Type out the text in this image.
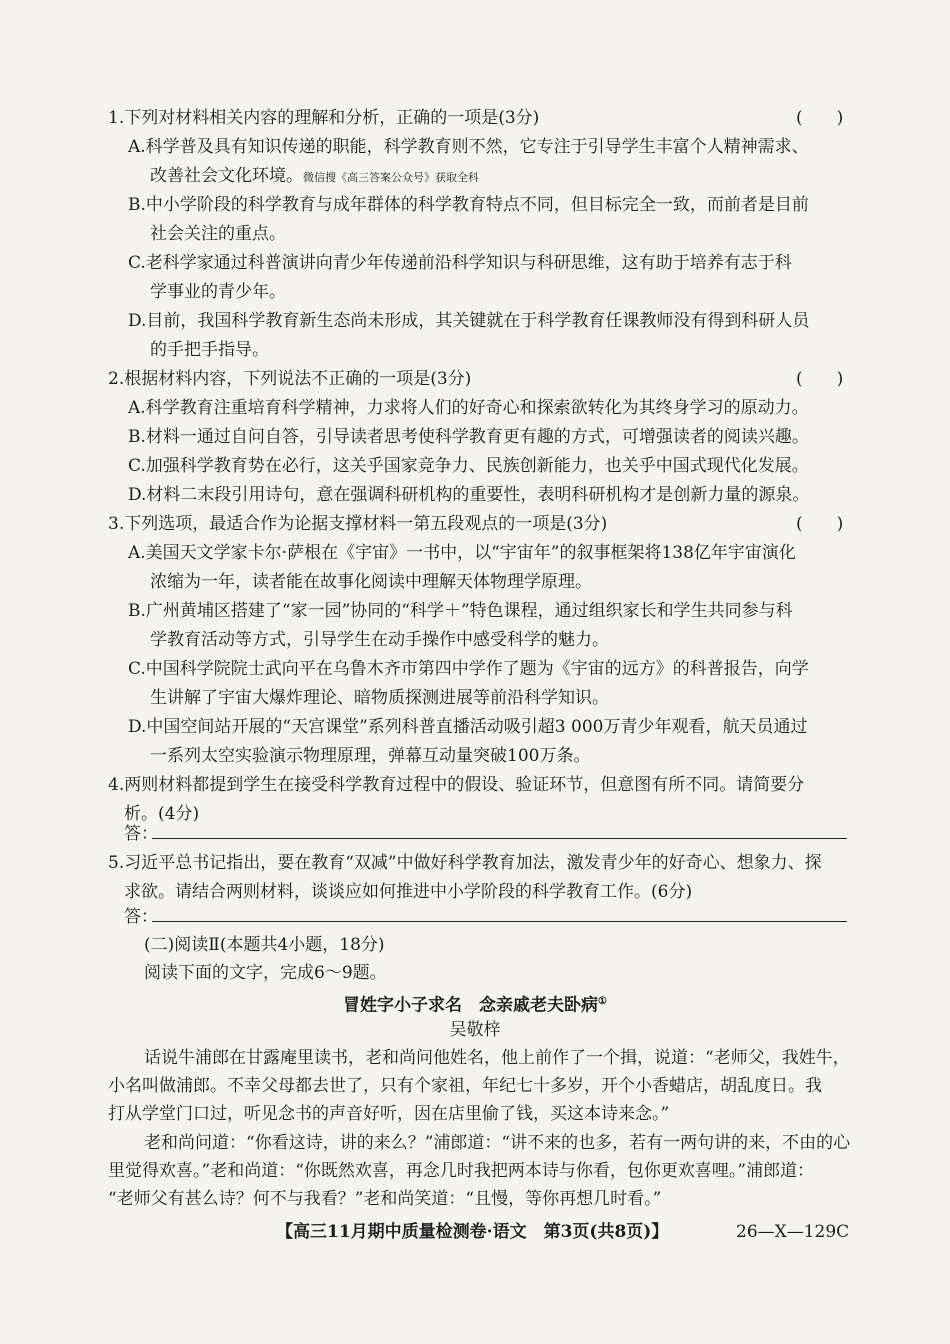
1.下列对材料相关内容的理解和分析，正确的一项是(3分)	(　　)
A.科学普及具有知识传递的职能，科学教育则不然，它专注于引导学生丰富个人精神需求、
改善社会文化环境。微信搜《高三答案公众号》获取全科
B.中小学阶段的科学教育与成年群体的科学教育特点不同，但目标完全一致，而前者是目前
社会关注的重点。
C.老科学家通过科普演讲向青少年传递前沿科学知识与科研思维，这有助于培养有志于科
学事业的青少年。
D.目前，我国科学教育新生态尚未形成，其关键就在于科学教育任课教师没有得到科研人员
的手把手指导。
2.根据材料内容，下列说法不正确的一项是(3分)	(　　)
A.科学教育注重培育科学精神，力求将人们的好奇心和探索欲转化为其终身学习的原动力。
B.材料一通过自问自答，引导读者思考使科学教育更有趣的方式，可增强读者的阅读兴趣。
C.加强科学教育势在必行，这关乎国家竞争力、民族创新能力，也关乎中国式现代化发展。
D.材料二末段引用诗句，意在强调科研机构的重要性，表明科研机构才是创新力量的源泉。
3.下列选项，最适合作为论据支撑材料一第五段观点的一项是(3分)	(　　)
A.美国天文学家卡尔·萨根在《宇宙》一书中，以“宇宙年”的叙事框架将138亿年宇宙演化
浓缩为一年，读者能在故事化阅读中理解天体物理学原理。
B.广州黄埔区搭建了“家一园”协同的“科学＋”特色课程，通过组织家长和学生共同参与科
学教育活动等方式，引导学生在动手操作中感受科学的魅力。
C.中国科学院院士武向平在乌鲁木齐市第四中学作了题为《宇宙的远方》的科普报告，向学
生讲解了宇宙大爆炸理论、暗物质探测进展等前沿科学知识。
D.中国空间站开展的“天宫课堂”系列科普直播活动吸引超3 000万青少年观看，航天员通过
一系列太空实验演示物理原理，弹幕互动量突破100万条。
4.两则材料都提到学生在接受科学教育过程中的假设、验证环节，但意图有所不同。请简要分
析。(4分)
答：
5.习近平总书记指出，要在教育“双减”中做好科学教育加法，激发青少年的好奇心、想象力、探
求欲。请结合两则材料，谈谈应如何推进中小学阶段的科学教育工作。(6分)
答：
(二)阅读Ⅱ(本题共4小题，18分)
阅读下面的文字，完成6～9题。
冒姓字小子求名　念亲戚老夫卧病①
吴敬梓
话说牛浦郎在甘露庵里读书，老和尚问他姓名，他上前作了一个揖，说道：“老师父，我姓牛，
小名叫做浦郎。不幸父母都去世了，只有个家祖，年纪七十多岁，开个小香蜡店，胡乱度日。我
打从学堂门口过，听见念书的声音好听，因在店里偷了钱，买这本诗来念。”
老和尚问道：“你看这诗，讲的来么？”浦郎道：“讲不来的也多，若有一两句讲的来，不由的心
里觉得欢喜。”老和尚道：“你既然欢喜，再念几时我把两本诗与你看，包你更欢喜哩。”浦郎道：
“老师父有甚么诗？何不与我看？”老和尚笑道：“且慢，等你再想几时看。”
【高三11月期中质量检测卷·语文　第3页(共8页)】	26—X—129C
